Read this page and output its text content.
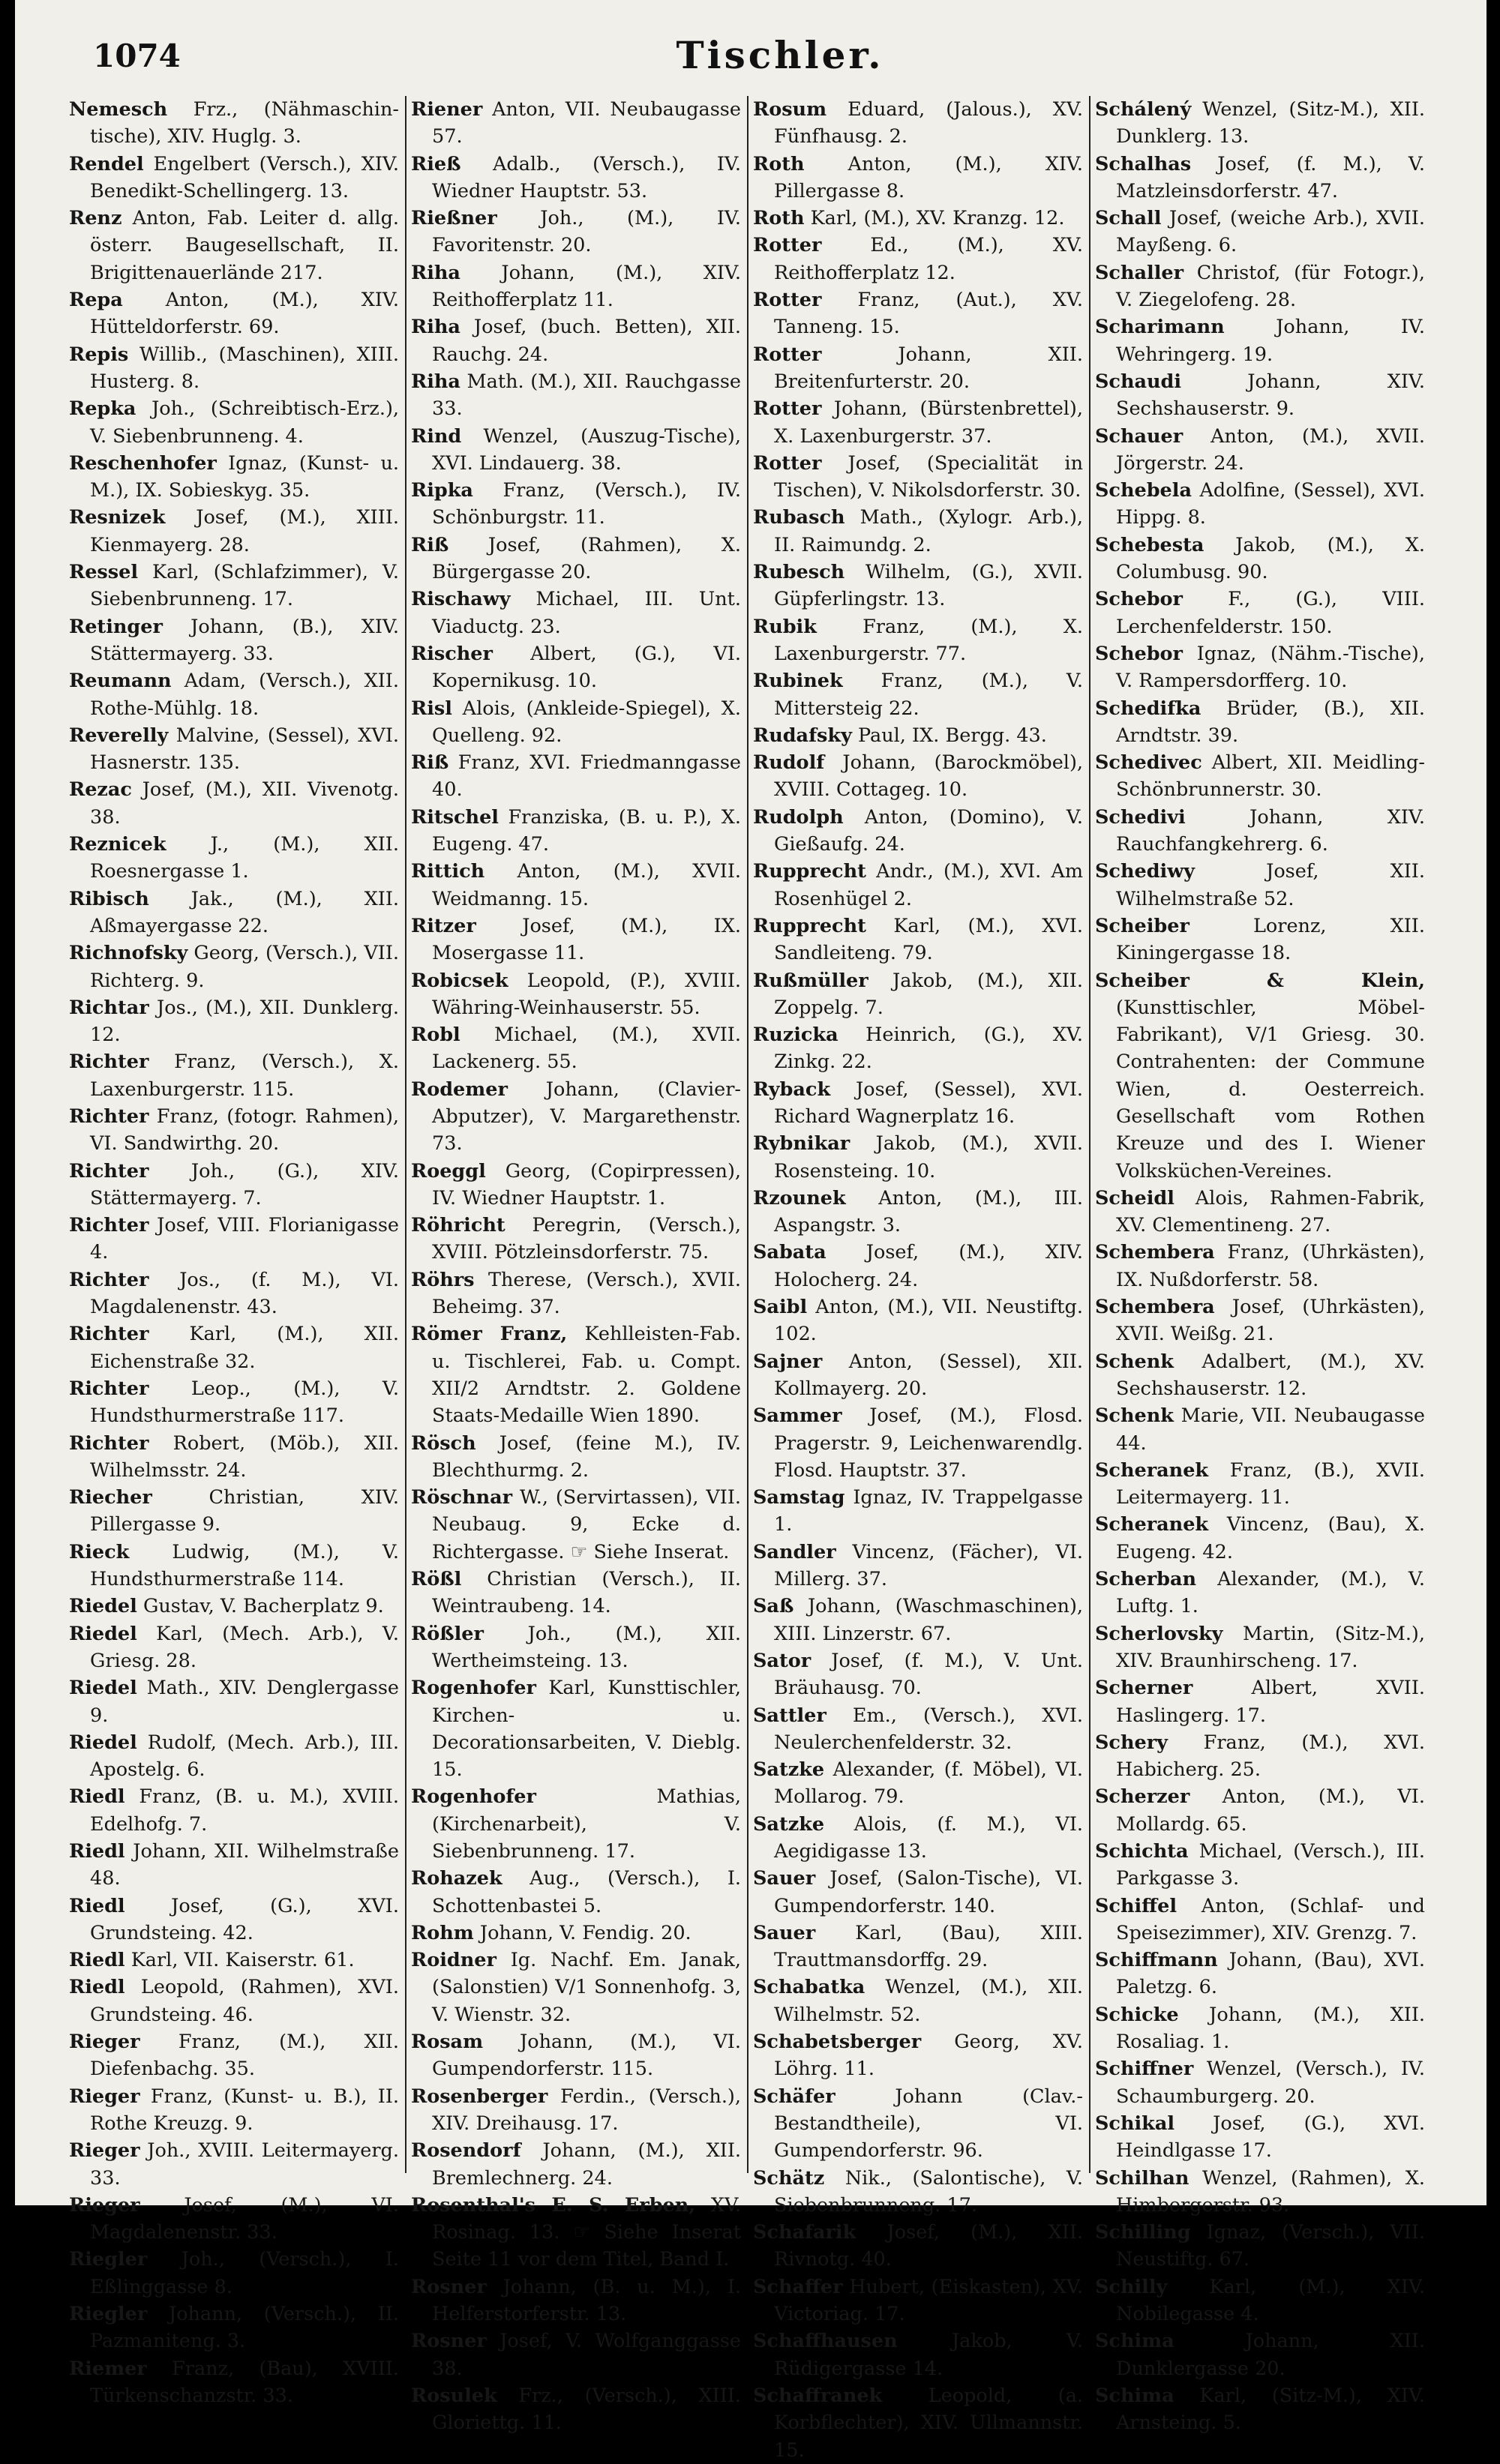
1074	Tischler.

Nemesch Frz., (Nähmaschin-tische), XIV. Huglg. 3.

Rendel Engelbert (Versch.), XIV. Benedikt-Schellingerg. 13.

Renz Anton, Fab. Leiter d. allg. österr. Baugesellschaft, II. Brigittenauerlände 217.

Repa Anton, (M.), XIV. Hütteldorferstr. 69.

Repis Willib., (Maschinen), XIII. Husterg. 8.

Repka Joh., (Schreibtisch-Erz.), V. Siebenbrunneng. 4.

Reschenhofer Ignaz, (Kunst- u. M.), IX. Sobieskyg. 35.

Resnizek Josef, (M.), XIII. Kienmayerg. 28.

Ressel Karl, (Schlafzimmer), V. Siebenbrunneng. 17.

Retinger Johann, (B.), XIV. Stättermayerg. 33.

Reumann Adam, (Versch.), XII. Rothe-Mühlg. 18.

Reverelly Malvine, (Sessel), XVI. Hasnerstr. 135.

Rezac Josef, (M.), XII. Vivenotg. 38.

Reznicek J., (M.), XII. Roesnergasse 1.

Ribisch Jak., (M.), XII. Aßmayergasse 22.

Richnofsky Georg, (Versch.), VII. Richterg. 9.

Richtar Jos., (M.), XII. Dunklerg. 12.

Richter Franz, (Versch.), X. Laxenburgerstr. 115.

Richter Franz, (fotogr. Rahmen), VI. Sandwirthg. 20.

Richter Joh., (G.), XIV. Stättermayerg. 7.

Richter Josef, VIII. Florianigasse 4.

Richter Jos., (f. M.), VI. Magdalenenstr. 43.

Richter Karl, (M.), XII. Eichenstraße 32.

Richter Leop., (M.), V. Hundsthurmerstraße 117.

Richter Robert, (Möb.), XII. Wilhelmsstr. 24.

Riecher Christian, XIV. Pillergasse 9.

Rieck Ludwig, (M.), V. Hundsthurmerstraße 114.

Riedel Gustav, V. Bacherplatz 9.

Riedel Karl, (Mech. Arb.), V. Griesg. 28.

Riedel Math., XIV. Denglergasse 9.

Riedel Rudolf, (Mech. Arb.), III. Apostelg. 6.

Riedl Franz, (B. u. M.), XVIII. Edelhofg. 7.

Riedl Johann, XII. Wilhelmstraße 48.

Riedl Josef, (G.), XVI. Grundsteing. 42.

Riedl Karl, VII. Kaiserstr. 61.

Riedl Leopold, (Rahmen), XVI. Grundsteing. 46.

Rieger Franz, (M.), XII. Diefenbachg. 35.

Rieger Franz, (Kunst- u. B.), II. Rothe Kreuzg. 9.

Rieger Joh., XVIII. Leitermayerg. 33.

Rieger Josef, (M.), VI. Magdalenenstr. 33.

Riegler Joh., (Versch.), I. Eßlinggasse 8.

Riegler Johann, (Versch.), II. Pazmaniteng. 3.

Riemer Franz, (Bau), XVIII. Türkenschanzstr. 33.

Riener Anton, VII. Neubaugasse 57.

Rieß Adalb., (Versch.), IV. Wiedner Hauptstr. 53.

Rießner Joh., (M.), IV. Favoritenstr. 20.

Riha Johann, (M.), XIV. Reithofferplatz 11.

Riha Josef, (buch. Betten), XII. Rauchg. 24.

Riha Math. (M.), XII. Rauchgasse 33.

Rind Wenzel, (Auszug-Tische), XVI. Lindauerg. 38.

Ripka Franz, (Versch.), IV. Schönburgstr. 11.

Riß Josef, (Rahmen), X. Bürgergasse 20.

Rischawy Michael, III. Unt. Viaductg. 23.

Rischer Albert, (G.), VI. Kopernikusg. 10.

Risl Alois, (Ankleide-Spiegel), X. Quelleng. 92.

Riß Franz, XVI. Friedmanngasse 40.

Ritschel Franziska, (B. u. P.), X. Eugeng. 47.

Rittich Anton, (M.), XVII. Weidmanng. 15.

Ritzer Josef, (M.), IX. Mosergasse 11.

Robicsek Leopold, (P.), XVIII. Währing-Weinhauserstr. 55.

Robl Michael, (M.), XVII. Lackenerg. 55.

Rodemer Johann, (Clavier-Abputzer), V. Margarethenstr. 73.

Roeggl Georg, (Copirpressen), IV. Wiedner Hauptstr. 1.

Röhricht Peregrin, (Versch.), XVIII. Pötzleinsdorferstr. 75.

Röhrs Therese, (Versch.), XVII. Beheimg. 37.

Römer Franz, Kehlleisten-Fab. u. Tischlerei, Fab. u. Compt. XII/2 Arndtstr. 2. Goldene Staats-Medaille Wien 1890.

Rösch Josef, (feine M.), IV. Blechthurmg. 2.

Röschnar W., (Servirtassen), VII. Neubaug. 9, Ecke d. Richtergasse. ☞ Siehe Inserat.

Rößl Christian (Versch.), II. Weintraubeng. 14.

Rößler Joh., (M.), XII. Wertheimsteing. 13.

Rogenhofer Karl, Kunsttischler, Kirchen- u. Decorationsarbeiten, V. Dieblg. 15.

Rogenhofer Mathias, (Kirchenarbeit), V. Siebenbrunneng. 17.

Rohazek Aug., (Versch.), I. Schottenbastei 5.

Rohm Johann, V. Fendig. 20.

Roidner Ig. Nachf. Em. Janak, (Salonstien) V/1 Sonnenhofg. 3, V. Wienstr. 32.

Rosam Johann, (M.), VI. Gumpendorferstr. 115.

Rosenberger Ferdin., (Versch.), XIV. Dreihausg. 17.

Rosendorf Johann, (M.), XII. Bremlechnerg. 24.

Rosenthal's E. S. Erben, XV. Rosinag. 13. ☞ Siehe Inserat Seite 11 vor dem Titel, Band I.

Rosner Johann, (B. u. M.), I. Helferstorferstr. 13.

Rosner Josef, V. Wolfganggasse 38.

Rosulek Frz., (Versch.), XIII. Gloriettg. 11.

Rosum Eduard, (Jalous.), XV. Fünfhausg. 2.

Roth Anton, (M.), XIV. Pillergasse 8.

Roth Karl, (M.), XV. Kranzg. 12.

Rotter Ed., (M.), XV. Reithofferplatz 12.

Rotter Franz, (Aut.), XV. Tanneng. 15.

Rotter Johann, XII. Breitenfurterstr. 20.

Rotter Johann, (Bürstenbrettel), X. Laxenburgerstr. 37.

Rotter Josef, (Specialität in Tischen), V. Nikolsdorferstr. 30.

Rubasch Math., (Xylogr. Arb.), II. Raimundg. 2.

Rubesch Wilhelm, (G.), XVII. Güpferlingstr. 13.

Rubik Franz, (M.), X. Laxenburgerstr. 77.

Rubinek Franz, (M.), V. Mittersteig 22.

Rudafsky Paul, IX. Bergg. 43.

Rudolf Johann, (Barockmöbel), XVIII. Cottageg. 10.

Rudolph Anton, (Domino), V. Gießaufg. 24.

Rupprecht Andr., (M.), XVI. Am Rosenhügel 2.

Rupprecht Karl, (M.), XVI. Sandleiteng. 79.

Rußmüller Jakob, (M.), XII. Zoppelg. 7.

Ruzicka Heinrich, (G.), XV. Zinkg. 22.

Ryback Josef, (Sessel), XVI. Richard Wagnerplatz 16.

Rybnikar Jakob, (M.), XVII. Rosensteing. 10.

Rzounek Anton, (M.), III. Aspangstr. 3.

Sabata Josef, (M.), XIV. Holocherg. 24.

Saibl Anton, (M.), VII. Neustiftg. 102.

Sajner Anton, (Sessel), XII. Kollmayerg. 20.

Sammer Josef, (M.), Flosd. Pragerstr. 9, Leichenwarendlg. Flosd. Hauptstr. 37.

Samstag Ignaz, IV. Trappelgasse 1.

Sandler Vincenz, (Fächer), VI. Millerg. 37.

Saß Johann, (Waschmaschinen), XIII. Linzerstr. 67.

Sator Josef, (f. M.), V. Unt. Bräuhausg. 70.

Sattler Em., (Versch.), XVI. Neulerchenfelderstr. 32.

Satzke Alexander, (f. Möbel), VI. Mollarog. 79.

Satzke Alois, (f. M.), VI. Aegidigasse 13.

Sauer Josef, (Salon-Tische), VI. Gumpendorferstr. 140.

Sauer Karl, (Bau), XIII. Trauttmansdorffg. 29.

Schabatka Wenzel, (M.), XII. Wilhelmstr. 52.

Schabetsberger Georg, XV. Löhrg. 11.

Schäfer Johann (Clav.-Bestandtheile), VI. Gumpendorferstr. 96.

Schätz Nik., (Salontische), V. Siebenbrunneng. 17.

Schafarik Josef, (M.), XII. Rivnotg. 40.

Schaffer Hubert, (Eiskasten), XV. Victoriag. 17.

Schaffhausen Jakob, V. Rüdigergasse 14.

Schaffranek Leopold, (a. Korbflechter), XIV. Ullmannstr. 15.

Schálený Wenzel, (Sitz-M.), XII. Dunklerg. 13.

Schalhas Josef, (f. M.), V. Matzleinsdorferstr. 47.

Schall Josef, (weiche Arb.), XVII. Mayßeng. 6.

Schaller Christof, (für Fotogr.), V. Ziegelofeng. 28.

Scharimann Johann, IV. Wehringerg. 19.

Schaudi Johann, XIV. Sechshauserstr. 9.

Schauer Anton, (M.), XVII. Jörgerstr. 24.

Schebela Adolfine, (Sessel), XVI. Hippg. 8.

Schebesta Jakob, (M.), X. Columbusg. 90.

Schebor F., (G.), VIII. Lerchenfelderstr. 150.

Schebor Ignaz, (Nähm.-Tische), V. Rampersdorfferg. 10.

Schedifka Brüder, (B.), XII. Arndtstr. 39.

Schedivec Albert, XII. Meidling-Schönbrunnerstr. 30.

Schedivi Johann, XIV. Rauchfangkehrerg. 6.

Schediwy Josef, XII. Wilhelmstraße 52.

Scheiber Lorenz, XII. Kiningergasse 18.

Scheiber & Klein, (Kunsttischler, Möbel-Fabrikant), V/1 Griesg. 30. Contrahenten: der Commune Wien, d. Oesterreich. Gesellschaft vom Rothen Kreuze und des I. Wiener Volksküchen-Vereines.

Scheidl Alois, Rahmen-Fabrik, XV. Clementineng. 27.

Schembera Franz, (Uhrkästen), IX. Nußdorferstr. 58.

Schembera Josef, (Uhrkästen), XVII. Weißg. 21.

Schenk Adalbert, (M.), XV. Sechshauserstr. 12.

Schenk Marie, VII. Neubaugasse 44.

Scheranek Franz, (B.), XVII. Leitermayerg. 11.

Scheranek Vincenz, (Bau), X. Eugeng. 42.

Scherban Alexander, (M.), V. Luftg. 1.

Scherlovsky Martin, (Sitz-M.), XIV. Braunhirscheng. 17.

Scherner Albert, XVII. Haslingerg. 17.

Schery Franz, (M.), XVI. Habicherg. 25.

Scherzer Anton, (M.), VI. Mollardg. 65.

Schichta Michael, (Versch.), III. Parkgasse 3.

Schiffel Anton, (Schlaf- und Speisezimmer), XIV. Grenzg. 7.

Schiffmann Johann, (Bau), XVI. Paletzg. 6.

Schicke Johann, (M.), XII. Rosaliag. 1.

Schiffner Wenzel, (Versch.), IV. Schaumburgerg. 20.

Schikal Josef, (G.), XVI. Heindlgasse 17.

Schilhan Wenzel, (Rahmen), X. Himbergerstr. 93.

Schilling Ignaz, (Versch.), VII. Neustiftg. 67.

Schilly Karl, (M.), XIV. Nobilegasse 4.

Schima Johann, XII. Dunklergasse 20.

Schima Karl, (Sitz-M.), XIV. Arnsteing. 5.
